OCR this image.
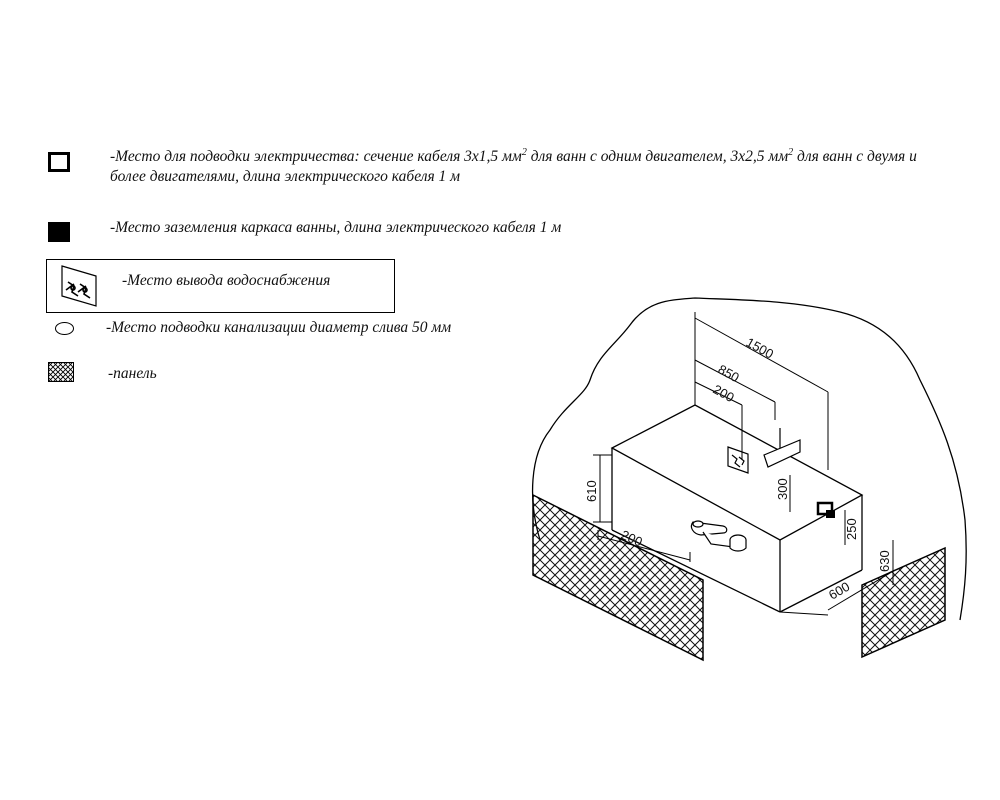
-Место для подводки электричества: сечение кабеля 3х1,5 $мм^2$ для ванн с одним двигателем, 3х2,5 $мм^2$ для ванн с двумя и
более двигателями, длина электрического кабеля 1 м
-Место заземления каркаса ванны, длина электрического кабеля 1 м
-Место вывода водоснабжения
-Место подводки канализации диаметр слива 50 мм
-панель
1500
850
200
610
200
300
250
630
600
